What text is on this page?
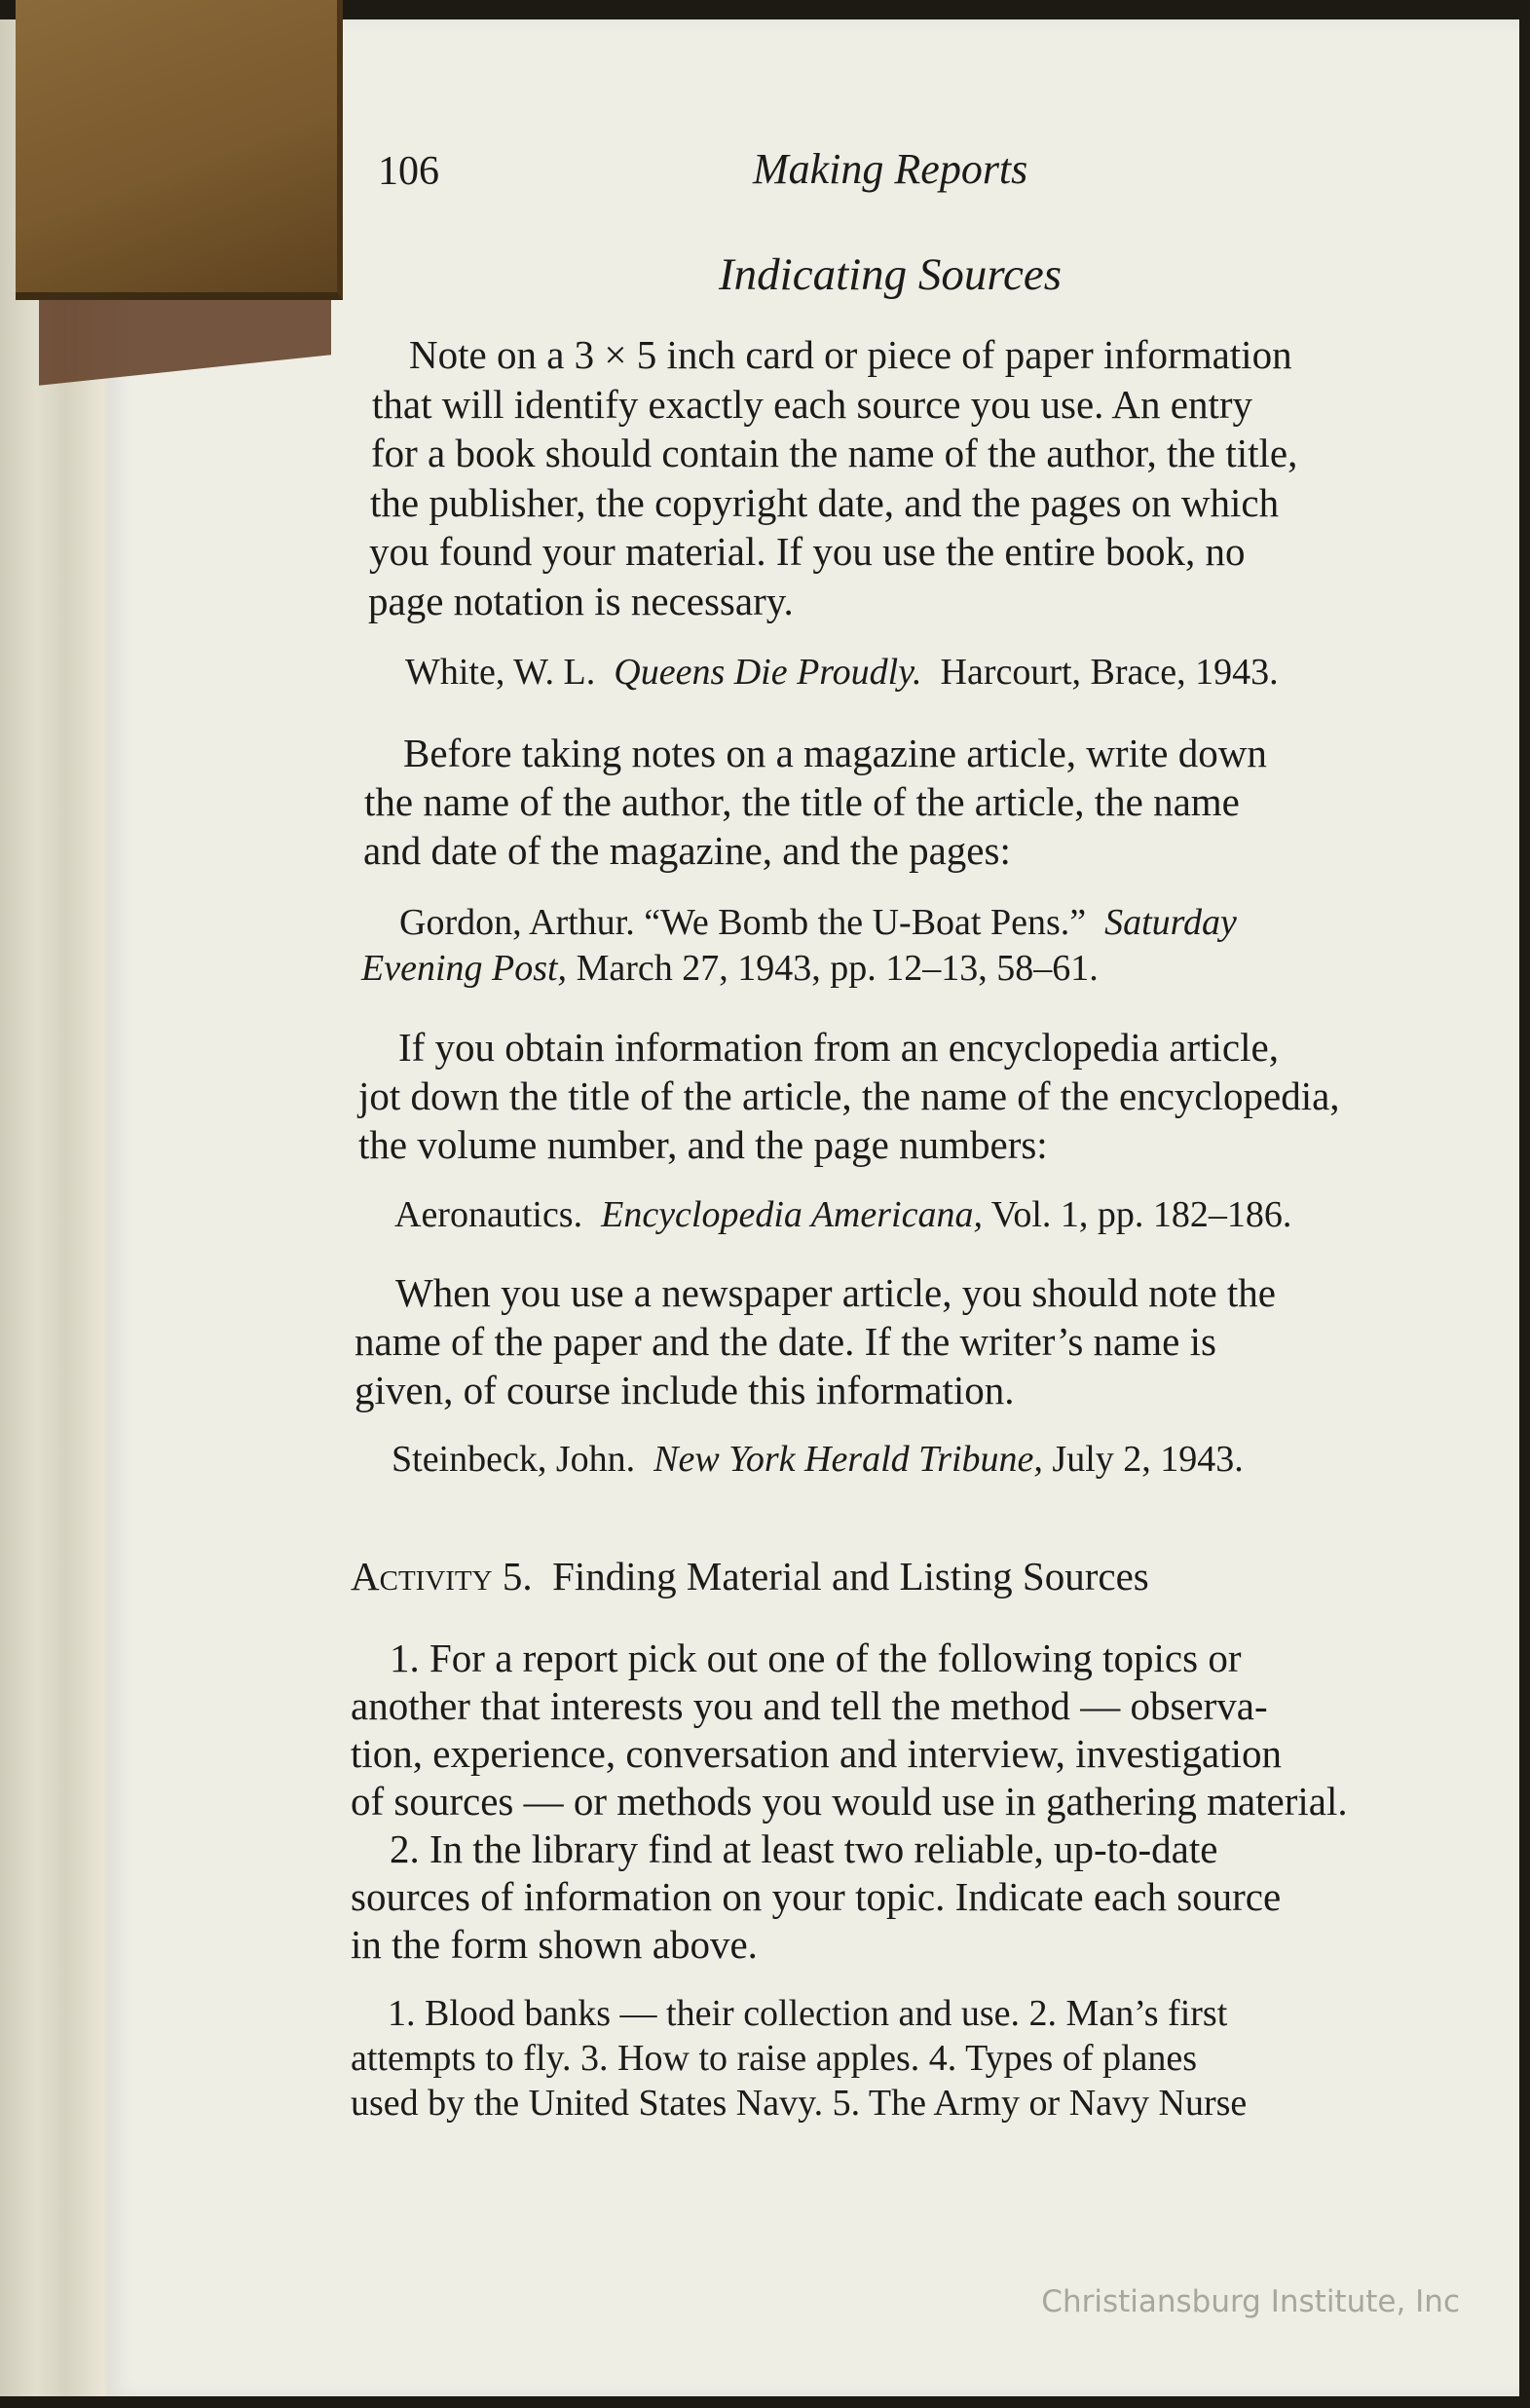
106	Making Reports
Indicating Sources
Note on a 3 × 5 inch card or piece of paper information
that will identify exactly each source you use. An entry
for a book should contain the name of the author, the title,
the publisher, the copyright date, and the pages on which
you found your material. If you use the entire book, no
page notation is necessary.
White, W. L. Queens Die Proudly. Harcourt, Brace, 1943.
Before taking notes on a magazine article, write down
the name of the author, the title of the article, the name
and date of the magazine, and the pages:
Gordon, Arthur. “We Bomb the U-Boat Pens.” Saturday
Evening Post, March 27, 1943, pp. 12–13, 58–61.
If you obtain information from an encyclopedia article,
jot down the title of the article, the name of the encyclopedia,
the volume number, and the page numbers:
Aeronautics. Encyclopedia Americana, Vol. 1, pp. 182–186.
When you use a newspaper article, you should note the
name of the paper and the date. If the writer’s name is
given, of course include this information.
Steinbeck, John. New York Herald Tribune, July 2, 1943.
Activity 5. Finding Material and Listing Sources
1. For a report pick out one of the following topics or
another that interests you and tell the method — observa-
tion, experience, conversation and interview, investigation
of sources — or methods you would use in gathering material.
2. In the library find at least two reliable, up-to-date
sources of information on your topic. Indicate each source
in the form shown above.
1. Blood banks — their collection and use. 2. Man’s first
attempts to fly. 3. How to raise apples. 4. Types of planes
used by the United States Navy. 5. The Army or Navy Nurse
Christiansburg Institute, Inc
